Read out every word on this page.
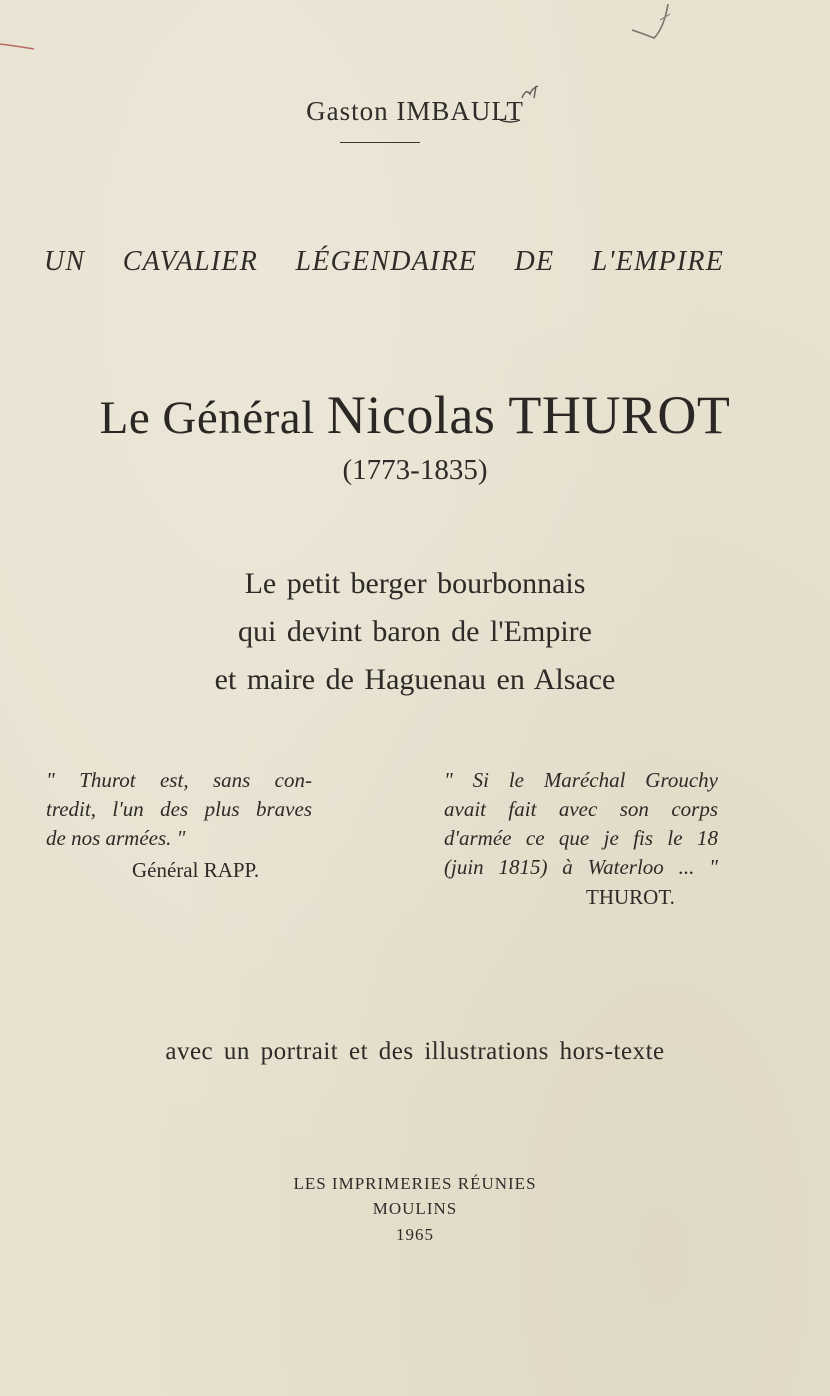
Gaston IMBAULT
UN CAVALIER LÉGENDAIRE DE L'EMPIRE
Le Général Nicolas THUROT
(1773-1835)
Le petit berger bourbonnais
qui devint baron de l'Empire
et maire de Haguenau en Alsace
" Thurot est, sans con-
tredit, l'un des plus braves
de nos armées. "
Général RAPP.
" Si le Maréchal Grouchy
avait fait avec son corps
d'armée ce que je fis le 18
(juin 1815) à Waterloo ... "
THUROT.
avec un portrait et des illustrations hors-texte
LES IMPRIMERIES RÉUNIES
MOULINS
1965
